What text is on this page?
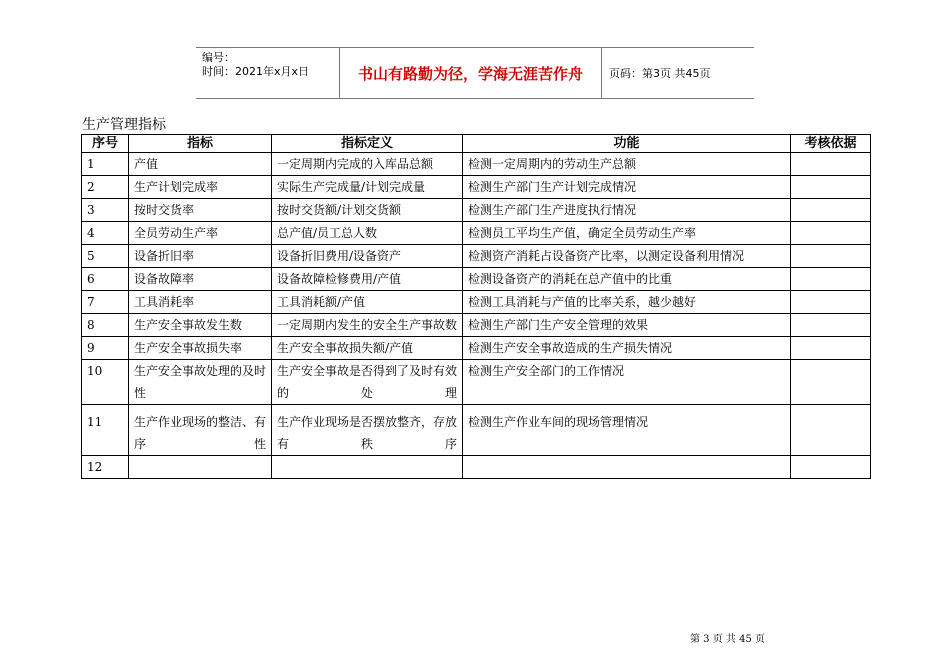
编号：
时间：2021年x月x日	书山有路勤为径，学海无涯苦作舟	页码：第3页 共45页
生产管理指标
序号	指标	指标定义	功能	考核依据
1	产值	一定周期内完成的入库品总额	检测一定周期内的劳动生产总额	
2	生产计划完成率	实际生产完成量/计划完成量	检测生产部门生产计划完成情况	
3	按时交货率	按时交货额/计划交货额	检测生产部门生产进度执行情况	
4	全员劳动生产率	总产值/员工总人数	检测员工平均生产值，确定全员劳动生产率	
5	设备折旧率	设备折旧费用/设备资产	检测资产消耗占设备资产比率，以测定设备利用情况	
6	设备故障率	设备故障检修费用/产值	检测设备资产的消耗在总产值中的比重	
7	工具消耗率	工具消耗额/产值	检测工具消耗与产值的比率关系，越少越好	
8	生产安全事故发生数	一定周期内发生的安全生产事故数	检测生产部门生产安全管理的效果	
9	生产安全事故损失率	生产安全事故损失额/产值	检测生产安全事故造成的生产损失情况	
10	生产安全事故处理的及时性	生产安全事故是否得到了及时有效的处理	检测生产安全部门的工作情况	
11	生产作业现场的整洁、有序性	生产作业现场是否摆放整齐，存放有秩序	检测生产作业车间的现场管理情况	
12				
第 3 页 共 45 页
